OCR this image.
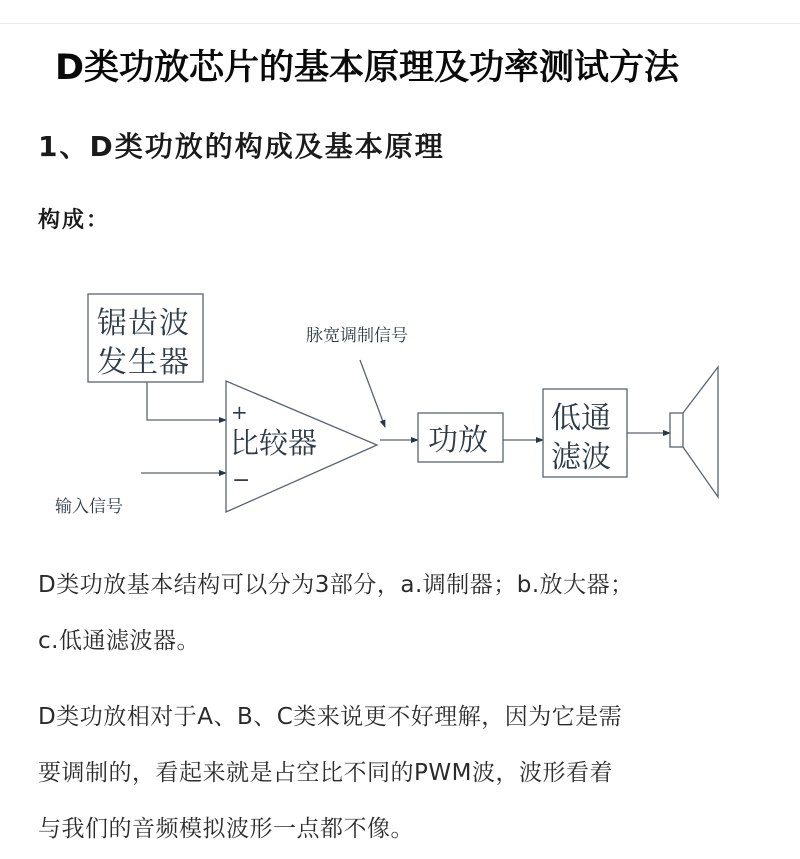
D类功放芯片的基本原理及功率测试方法
1、D类功放的构成及基本原理
构成：
锯齿波
发生器
+
比较器
−
输入信号
脉宽调制信号
功放
低通
滤波
D类功放基本结构可以分为3部分，a.调制器；b.放大器；
c.低通滤波器。
D类功放相对于A、B、C类来说更不好理解，因为它是需
要调制的，看起来就是占空比不同的PWM波，波形看着
与我们的音频模拟波形一点都不像。
